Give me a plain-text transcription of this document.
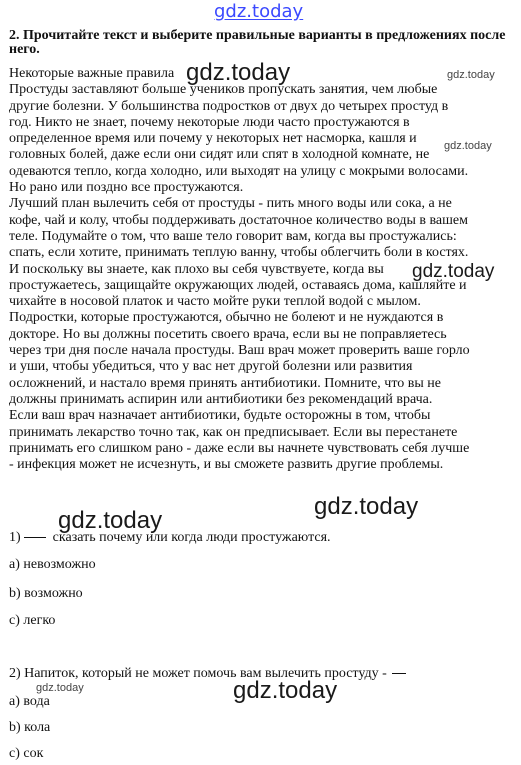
gdz.today
gdz.today	gdz.today
gdz.today
gdz.today
gdz.today
gdz.today
gdz.today	gdz.today

2. Прочитайте текст и выберите правильные варианты в предложениях после него.

Некоторые важные правила
Простуды заставляют больше учеников пропускать занятия, чем любые
другие болезни. У большинства подростков от двух до четырех простуд в
год. Никто не знает, почему некоторые люди часто простужаются в
определенное время или почему у некоторых нет насморка, кашля и
головных болей, даже если они сидят или спят в холодной комнате, не
одеваются тепло, когда холодно, или выходят на улицу с мокрыми волосами.
Но рано или поздно все простужаются.
Лучший план вылечить себя от простуды - пить много воды или сока, а не
кофе, чай и колу, чтобы поддерживать достаточное количество воды в вашем
теле. Подумайте о том, что ваше тело говорит вам, когда вы простужались:
спать, если хотите, принимать теплую ванну, чтобы облегчить боли в костях.
И поскольку вы знаете, как плохо вы себя чувствуете, когда вы
простужаетесь, защищайте окружающих людей, оставаясь дома, кашляйте и
чихайте в носовой платок и часто мойте руки теплой водой с мылом.
Подростки, которые простужаются, обычно не болеют и не нуждаются в
докторе. Но вы должны посетить своего врача, если вы не поправляетесь
через три дня после начала простуды. Ваш врач может проверить ваше горло
и уши, чтобы убедиться, что у вас нет другой болезни или развития
осложнений, и настало время принять антибиотики. Помните, что вы не
должны принимать аспирин или антибиотики без рекомендаций врача.
Если ваш врач назначает антибиотики, будьте осторожны в том, чтобы
принимать лекарство точно так, как он предписывает. Если вы перестанете
принимать его слишком рано - даже если вы начнете чувствовать себя лучше
- инфекция может не исчезнуть, и вы сможете развить другие проблемы.
1) сказать почему или когда люди простужаются.
a) невозможно
b) возможно
c) легко
2) Напиток, который не может помочь вам вылечить простуду -
a) вода
b) кола
c) сок
